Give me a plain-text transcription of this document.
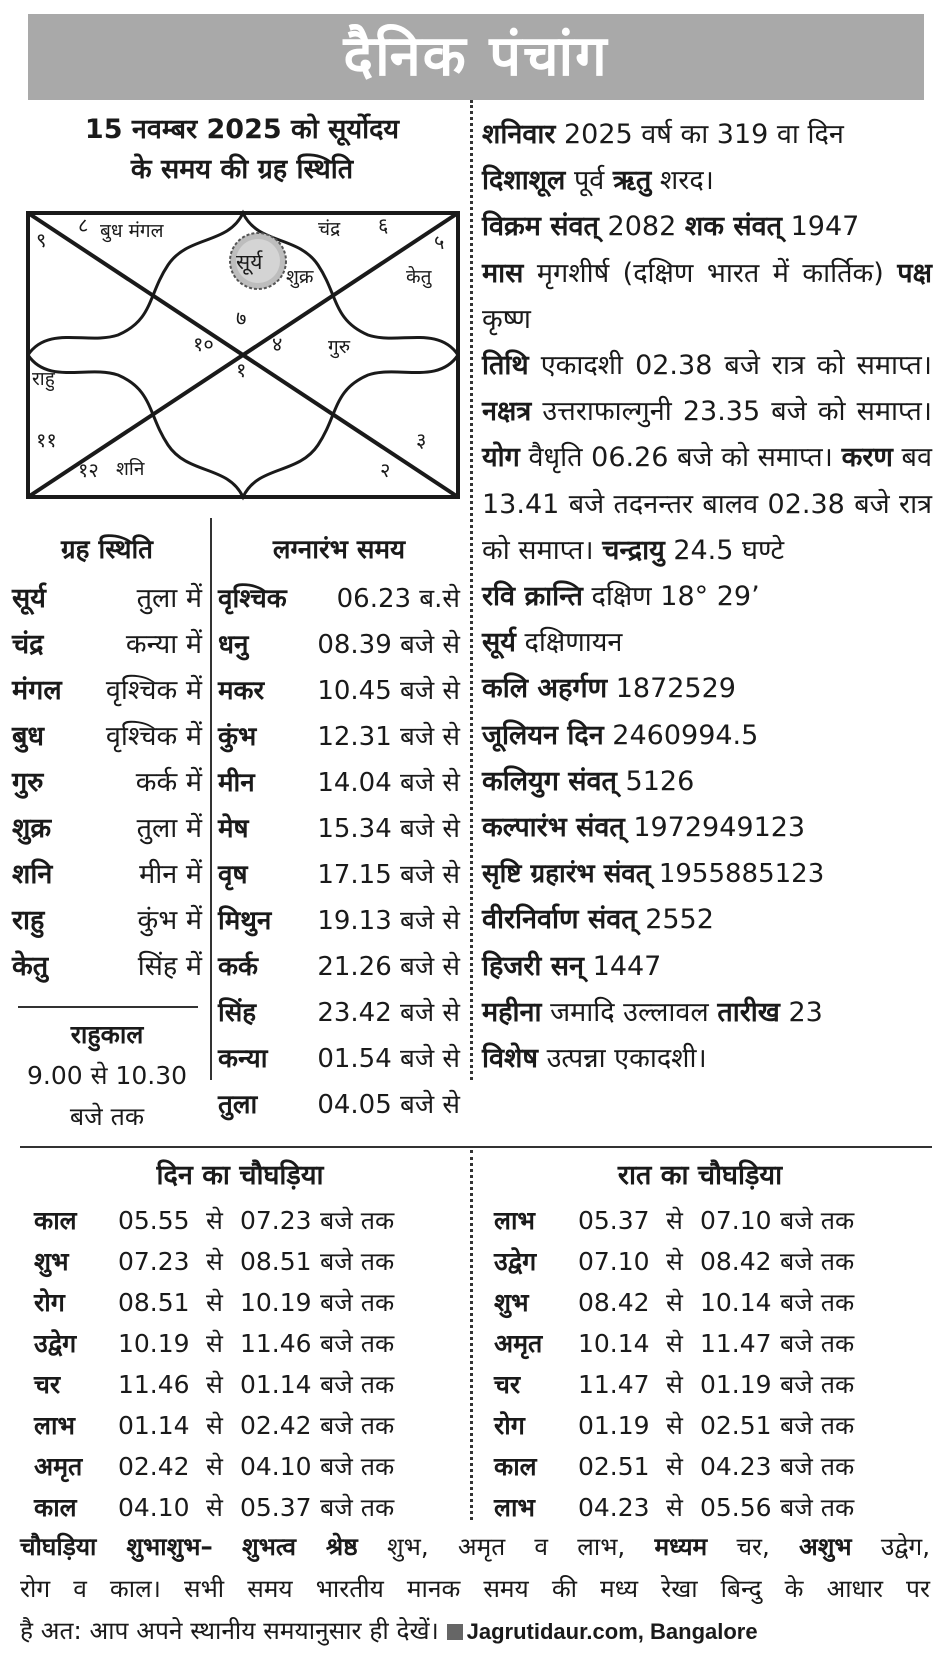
दैनिक पंचांग
15 नवम्बर 2025 को सूर्योदय
के समय की ग्रह स्थिति
९
८	६
५
७
१०	४
१
११
१२
३
२
बुध मंगल	चंद्र
सूर्य
शुक्र	केतु
गुरु
राहु
शनि
ग्रह स्थिति
सूर्य	तुला में
चंद्र	कन्या में
मंगल वृश्चिक में
बुध वृश्चिक में
गुरु	कर्क में
शुक्र	तुला में
शनि	मीन में
राहु	कुंभ में
केतु	सिंह में
राहुकाल
9.00 से 10.30
बजे तक
लग्नारंभ समय
वृश्चिक 06.23 ब.से
धनु	08.39 बजे से
मकर 10.45 बजे से
कुंभ 12.31 बजे से
मीन 14.04 बजे से
मेष	15.34 बजे से
वृष	17.15 बजे से
मिथुन 19.13 बजे से
कर्क 21.26 बजे से
सिंह 23.42 बजे से
कन्या 01.54 बजे से
तुला 04.05 बजे से

शनिवार 2025 वर्ष का 319 वा दिन

दिशाशूल पूर्व ऋतु शरद।

विक्रम संवत् 2082 शक संवत् 1947

मास मृगशीर्ष (दक्षिण भारत में कार्तिक) पक्ष कृष्ण

तिथि एकादशी 02.38 बजे रात्र को समाप्त। नक्षत्र उत्तराफाल्गुनी 23.35 बजे को समाप्त। योग वैधृति 06.26 बजे को समाप्त। करण बव 13.41 बजे तदनन्तर बालव 02.38 बजे रात्र को समाप्त। चन्द्रायु 24.5 घण्टे

रवि क्रान्ति दक्षिण 18° 29’

सूर्य दक्षिणायन

कलि अहर्गण 1872529

जूलियन दिन 2460994.5

कलियुग संवत् 5126

कल्पारंभ संवत् 1972949123

सृष्टि ग्रहारंभ संवत् 1955885123

वीरनिर्वाण संवत् 2552

हिजरी सन् 1447

महीना जमादि उल्लावल तारीख 23

विशेष उत्पन्ना एकादशी।

दिन का चौघड़िया
काल 05.55 से 07.23 बजे तक
शुभ 07.23 से 08.51 बजे तक
रोग 08.51 से 10.19 बजे तक
उद्वेग 10.19 से 11.46 बजे तक
चर 11.46 से 01.14 बजे तक
लाभ 01.14 से 02.42 बजे तक
अमृत 02.42 से 04.10 बजे तक
काल 04.10 से 05.37 बजे तक
रात का चौघड़िया
लाभ 05.37 से 07.10 बजे तक
उद्वेग 07.10 से 08.42 बजे तक
शुभ 08.42 से 10.14 बजे तक
अमृत 10.14 से 11.47 बजे तक
चर 11.47 से 01.19 बजे तक
रोग 01.19 से 02.51 बजे तक
काल 02.51 से 04.23 बजे तक
लाभ 04.23 से 05.56 बजे तक

चौघड़िया शुभाशुभ– शुभत्व श्रेष्ठ शुभ, अमृत व लाभ, मध्यम चर, अशुभ उद्वेग,

रोग व काल। सभी समय भारतीय मानक समय की मध्य रेखा बिन्दु के आधार पर

है अत: आप अपने स्थानीय समयानुसार ही देखें। Jagrutidaur.com, Bangalore
